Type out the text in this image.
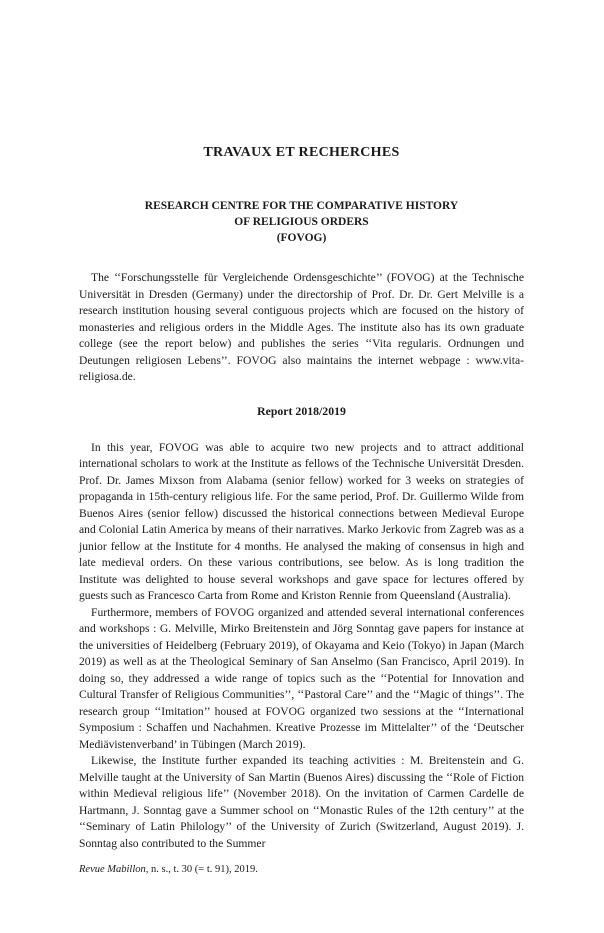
TRAVAUX ET RECHERCHES
RESEARCH CENTRE FOR THE COMPARATIVE HISTORY
OF RELIGIOUS ORDERS
(FOVOG)

The ‘‘Forschungsstelle für Vergleichende Ordensgeschichte’’ (FOVOG) at the Technische Universität in Dresden (Germany) under the directorship of Prof. Dr. Dr. Gert Melville is a research institution housing several contiguous projects which are focused on the history of monasteries and religious orders in the Middle Ages. The institute also has its own graduate college (see the report below) and publishes the series ‘‘Vita regularis. Ordnungen und Deutungen religiosen Lebens’’. FOVOG also maintains the internet webpage : www.vita-religiosa.de.

Report 2018/2019

In this year, FOVOG was able to acquire two new projects and to attract additional international scholars to work at the Institute as fellows of the Technische Universität Dresden. Prof. Dr. James Mixson from Alabama (senior fellow) worked for 3 weeks on strategies of propaganda in 15th-century religious life. For the same period, Prof. Dr. Guillermo Wilde from Buenos Aires (senior fellow) discussed the historical connections between Medieval Europe and Colonial Latin America by means of their narratives. Marko Jerkovic from Zagreb was as a junior fellow at the Institute for 4 months. He analysed the making of consensus in high and late medieval orders. On these various contributions, see below. As is long tradition the Institute was delighted to house several workshops and gave space for lectures offered by guests such as Francesco Carta from Rome and Kriston Rennie from Queensland (Australia).

Furthermore, members of FOVOG organized and attended several international conferences and workshops : G. Melville, Mirko Breitenstein and Jörg Sonntag gave papers for instance at the universities of Heidelberg (February 2019), of Okayama and Keio (Tokyo) in Japan (March 2019) as well as at the Theological Seminary of San Anselmo (San Francisco, April 2019). In doing so, they addressed a wide range of topics such as the ‘‘Potential for Innovation and Cultural Transfer of Religious Communities’’, ‘‘Pastoral Care’’ and the ‘‘Magic of things’’. The research group ‘‘Imitation’’ housed at FOVOG organized two sessions at the ‘‘International Symposium : Schaffen und Nachahmen. Kreative Prozesse im Mittelalter’’ of the ‘Deutscher Mediävistenverband’ in Tübingen (March 2019).

Likewise, the Institute further expanded its teaching activities : M. Breitenstein and G. Melville taught at the University of San Martin (Buenos Aires) discussing the ‘‘Role of Fiction within Medieval religious life’’ (November 2018). On the invitation of Carmen Cardelle de Hartmann, J. Sonntag gave a Summer school on ‘‘Monastic Rules of the 12th century’’ at the ‘‘Seminary of Latin Philology’’ of the University of Zurich (Switzerland, August 2019). J. Sonntag also contributed to the Summer

Revue Mabillon, n. s., t. 30 (= t. 91), 2019.
